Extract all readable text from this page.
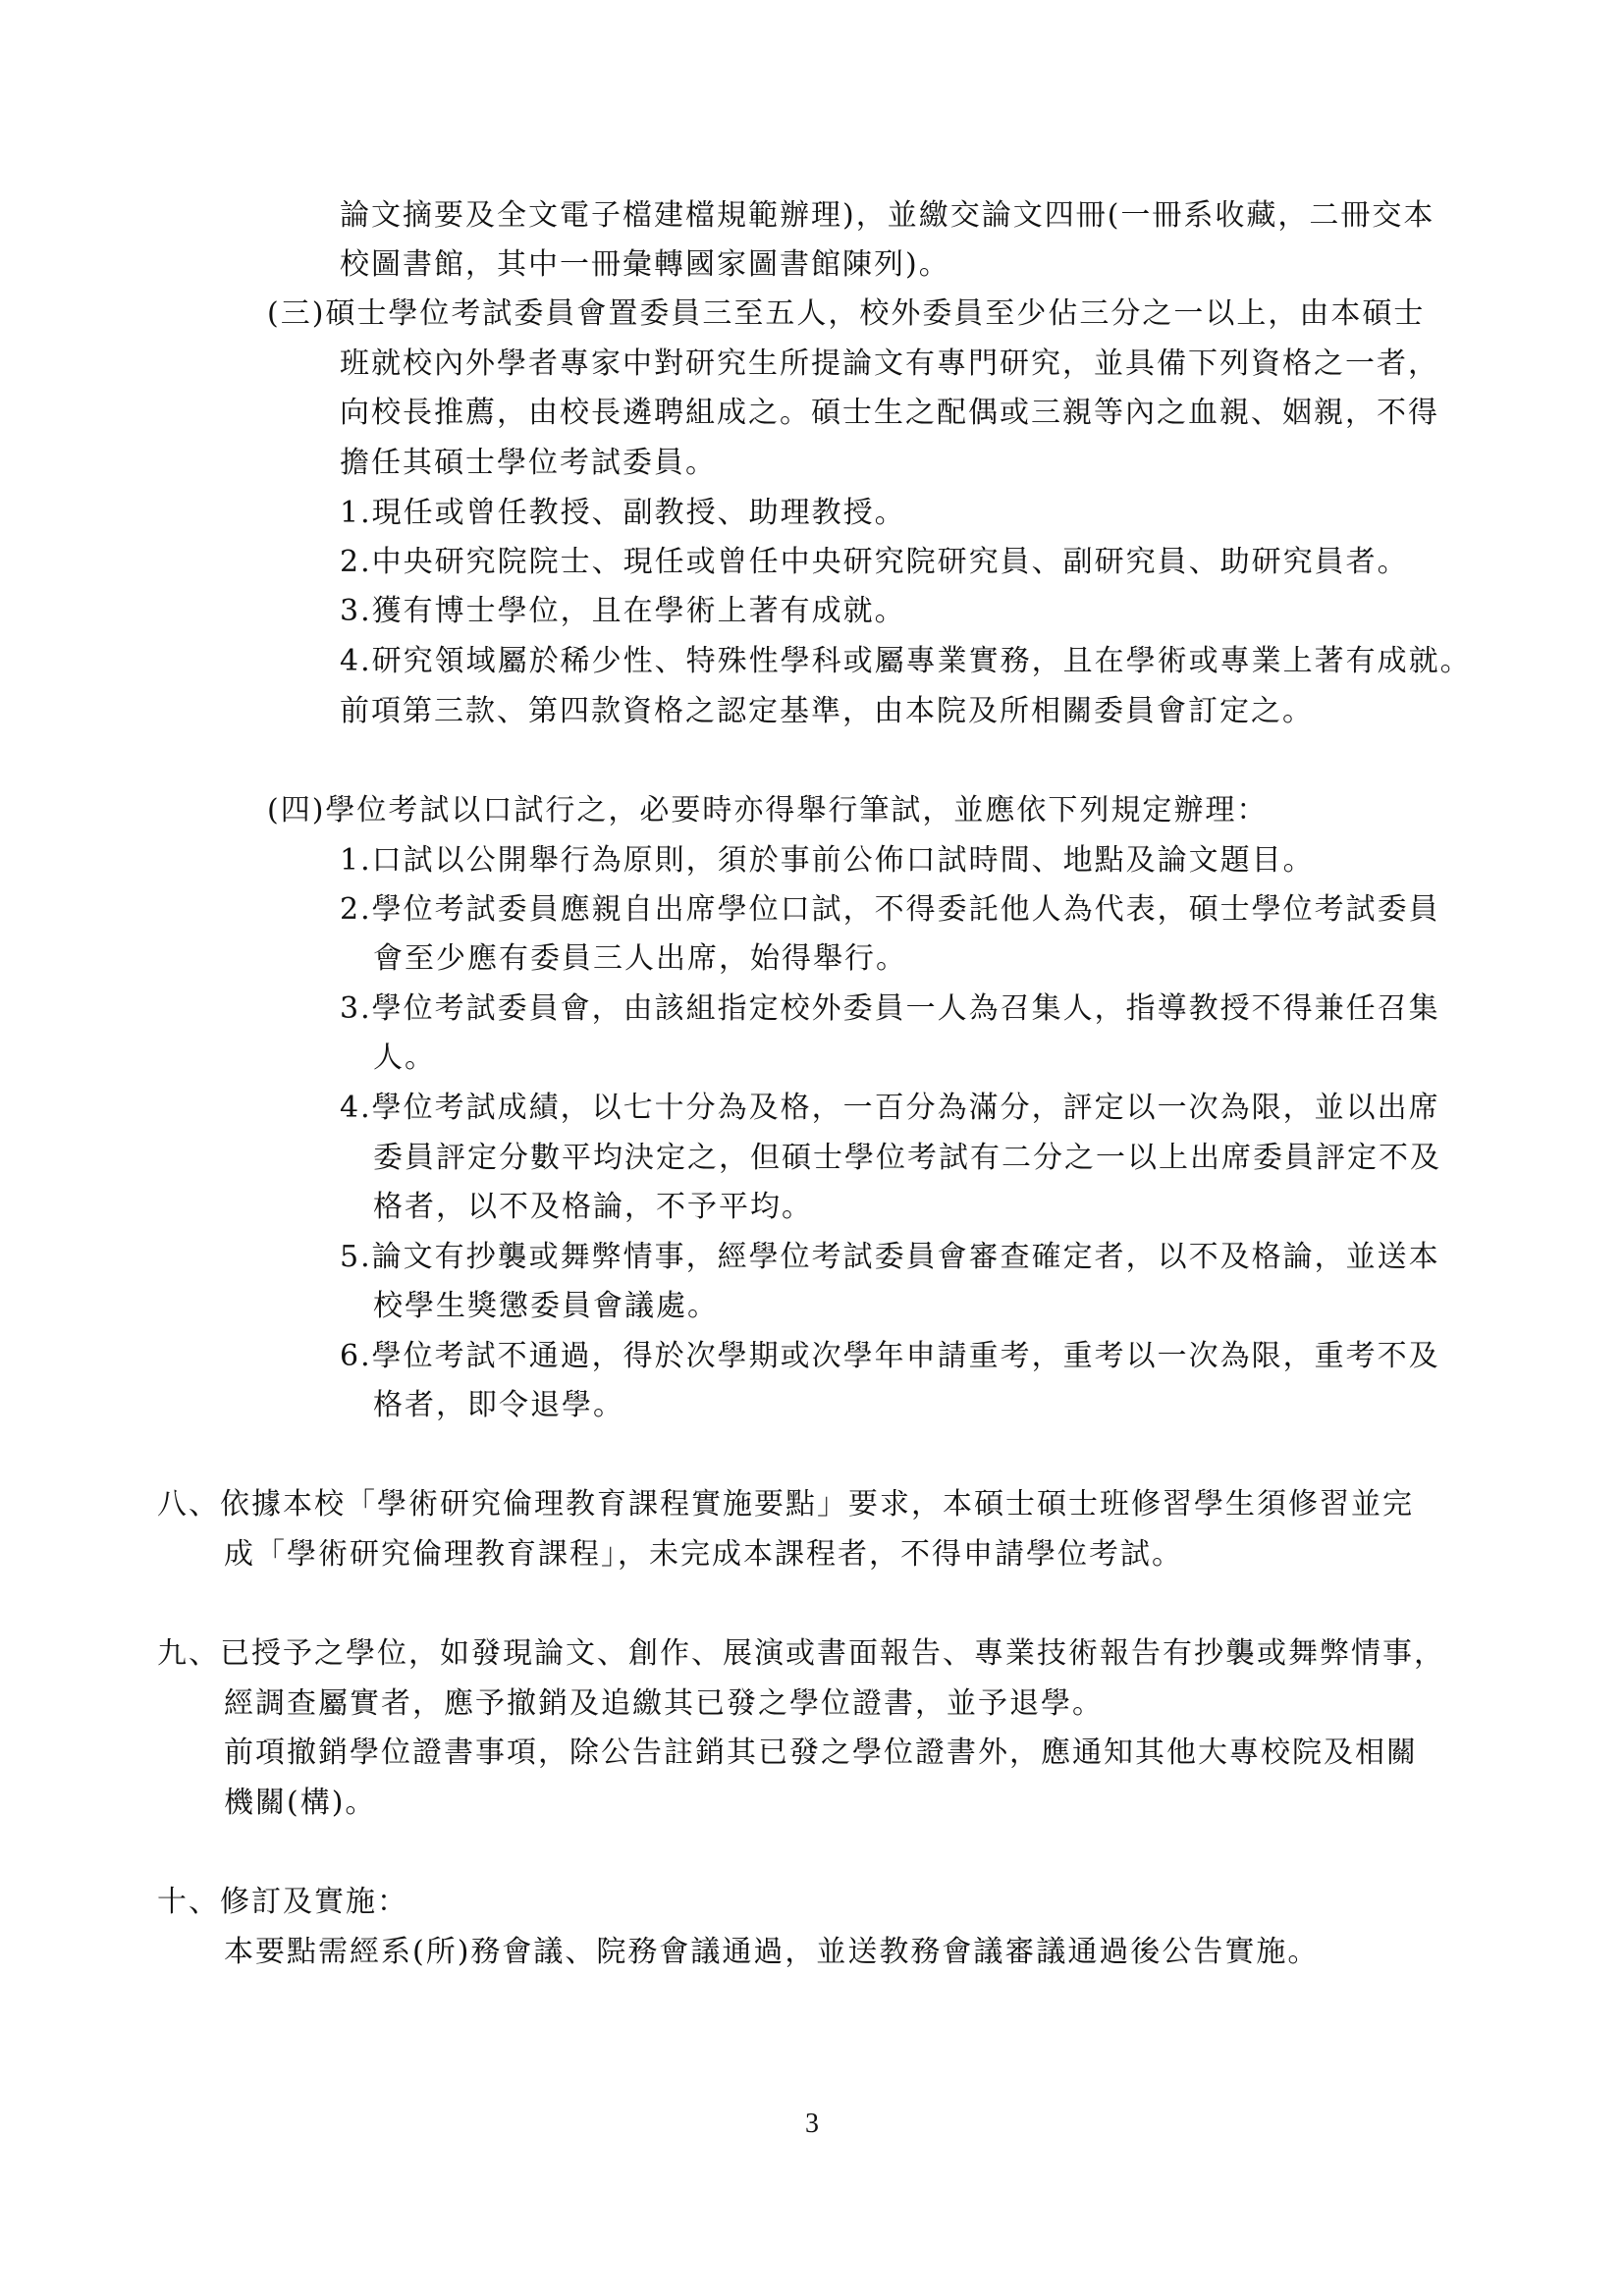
論文摘要及全文電子檔建檔規範辦理)，並繳交論文四冊(一冊系收藏，二冊交本
校圖書館，其中一冊彙轉國家圖書館陳列)。
(三)碩士學位考試委員會置委員三至五人，校外委員至少佔三分之一以上，由本碩士
班就校內外學者專家中對研究生所提論文有專門研究，並具備下列資格之一者，
向校長推薦，由校長遴聘組成之。碩士生之配偶或三親等內之血親、姻親，不得
擔任其碩士學位考試委員。
1.現任或曾任教授、副教授、助理教授。
2.中央研究院院士、現任或曾任中央研究院研究員、副研究員、助研究員者。
3.獲有博士學位，且在學術上著有成就。
4.研究領域屬於稀少性、特殊性學科或屬專業實務，且在學術或專業上著有成就。
前項第三款、第四款資格之認定基準，由本院及所相關委員會訂定之。
(四)學位考試以口試行之，必要時亦得舉行筆試，並應依下列規定辦理：
1.口試以公開舉行為原則，須於事前公佈口試時間、地點及論文題目。
2.學位考試委員應親自出席學位口試，不得委託他人為代表，碩士學位考試委員
會至少應有委員三人出席，始得舉行。
3.學位考試委員會，由該組指定校外委員一人為召集人，指導教授不得兼任召集
人。
4.學位考試成績，以七十分為及格，一百分為滿分，評定以一次為限，並以出席
委員評定分數平均決定之，但碩士學位考試有二分之一以上出席委員評定不及
格者，以不及格論，不予平均。
5.論文有抄襲或舞弊情事，經學位考試委員會審查確定者，以不及格論，並送本
校學生獎懲委員會議處。
6.學位考試不通過，得於次學期或次學年申請重考，重考以一次為限，重考不及
格者，即令退學。
八、依據本校「學術研究倫理教育課程實施要點」要求，本碩士碩士班修習學生須修習並完
成「學術研究倫理教育課程」，未完成本課程者，不得申請學位考試。
九、已授予之學位，如發現論文、創作、展演或書面報告、專業技術報告有抄襲或舞弊情事，
經調查屬實者，應予撤銷及追繳其已發之學位證書，並予退學。
前項撤銷學位證書事項，除公告註銷其已發之學位證書外，應通知其他大專校院及相關
機關(構)。
十、修訂及實施：
本要點需經系(所)務會議、院務會議通過，並送教務會議審議通過後公告實施。
3
